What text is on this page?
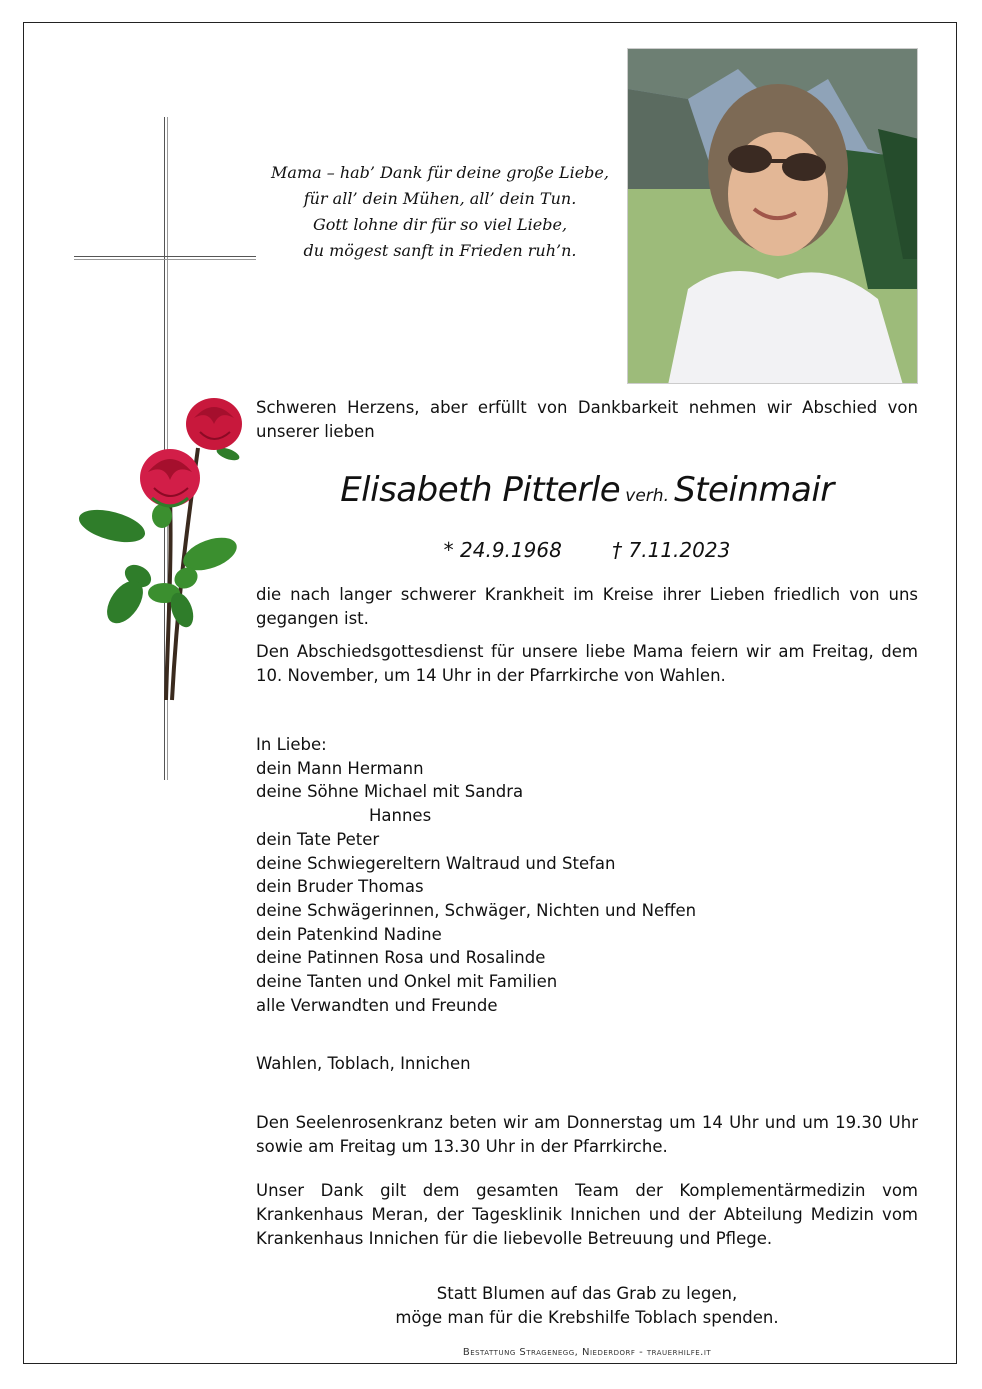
Mama – hab’ Dank für deine große Liebe,
für all’ dein Mühen, all’ dein Tun.
Gott lohne dir für so viel Liebe,
du mögest sanft in Frieden ruh’n.
Schweren Herzens, aber erfüllt von Dankbarkeit nehmen wir Abschied von unserer lieben
Elisabeth Pitterle verh. Steinmair
* 24.9.1968	† 7.11.2023
die nach langer schwerer Krankheit im Kreise ihrer Lieben friedlich von uns gegangen ist.
Den Abschiedsgottesdienst für unsere liebe Mama feiern wir am Freitag, dem 10. November, um 14 Uhr in der Pfarrkirche von Wahlen.
In Liebe:
dein Mann Hermann
deine Söhne Michael mit Sandra
Hannes
dein Tate Peter
deine Schwiegereltern Waltraud und Stefan
dein Bruder Thomas
deine Schwägerinnen, Schwäger, Nichten und Neffen
dein Patenkind Nadine
deine Patinnen Rosa und Rosalinde
deine Tanten und Onkel mit Familien
alle Verwandten und Freunde
Wahlen, Toblach, Innichen
Den Seelenrosenkranz beten wir am Donnerstag um 14 Uhr und um 19.30 Uhr sowie am Freitag um 13.30 Uhr in der Pfarrkirche.
Unser Dank gilt dem gesamten Team der Komplementärmedizin vom Krankenhaus Meran, der Tagesklinik Innichen und der Abteilung Medizin vom Krankenhaus Innichen für die liebevolle Betreuung und Pflege.
Statt Blumen auf das Grab zu legen,
möge man für die Krebshilfe Toblach spenden.
Bestattung Stragenegg, Niederdorf - trauerhilfe.it
